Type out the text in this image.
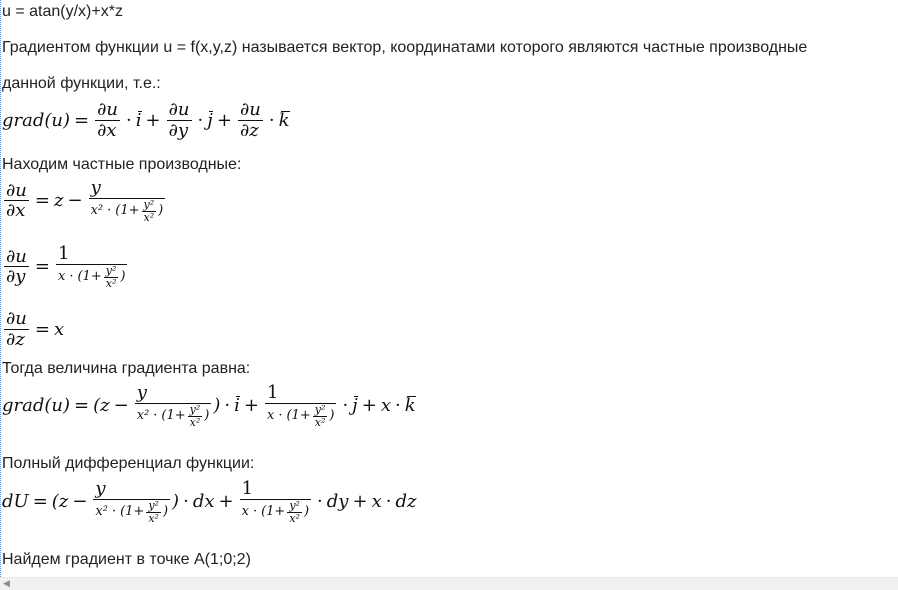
u = atan(y/x)+x*z
Градиентом функции u = f(x,y,z) называется вектор, координатами которого являются частные производные
данной функции, т.е.:
grad(u) = $\frac{\partial u}{\partial x} \cdot i + \frac{\partial u}{\partial y} \cdot j + \frac{\partial u}{\partial z} \cdot k$
Находим частные производные:
$\frac{\partial u}{\partial x} = z - \frac{y}{x^2 \cdot (1+ \frac{\text{y²}}{\text{x²}} )}$
$\frac{\partial u}{\partial y} = \frac{1}{x \cdot (1+ \frac{\text{y²}}{\text{x²}} )}$
$\frac{\partial u}{\partial z} = x$
Тогда величина градиента равна:
grad(u) = ( $z - \frac{y}{x^2 \cdot (1+ \frac{\text{y²}}{\text{x²}} )}$ ) · $i + \frac{1}{x \cdot (1+ \frac{\text{y²}}{\text{x²}} )} \cdot j + x \cdot k$
Полный дифференциал функции:
dU = ( $z - \frac{y}{x^2 \cdot (1+ \frac{\text{y²}}{\text{x²}} )}$ ) · dx + $\frac{1}{x \cdot (1+ \frac{\text{y²}}{\text{x²}} )}$ · dy + x · dz
Найдем градиент в точке A(1;0;2)
◀
